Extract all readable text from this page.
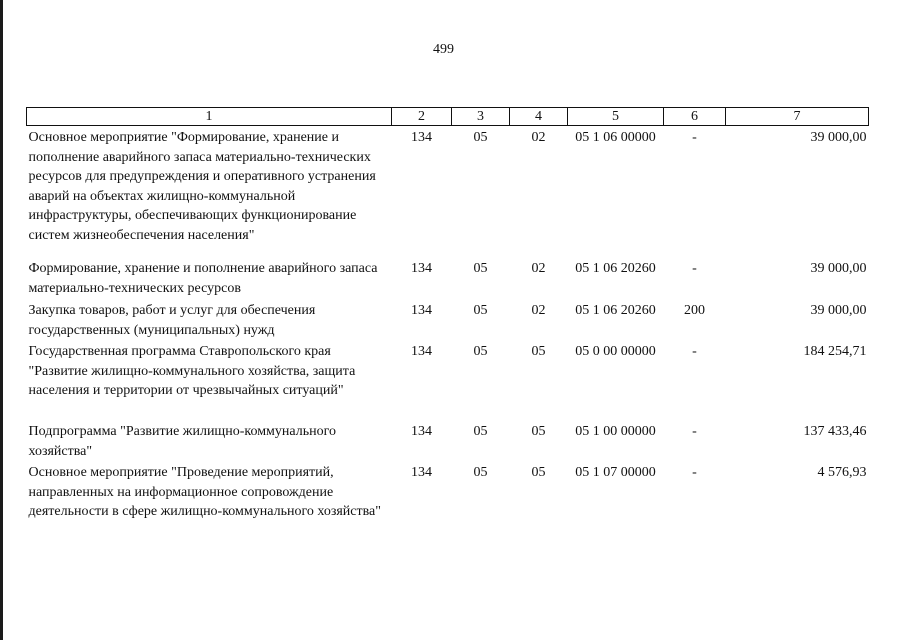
499
1	2	3	4	5	6	7
Основное мероприятие "Формирование, хранение и пополнение аварийного запаса материально-технических ресурсов для предупреждения и оперативного устранения аварий на объектах жилищно-коммунальной инфраструктуры, обеспечивающих функционирование систем жизнеобеспечения населения"	134	05	02	05 1 06 00000	-	39 000,00
Формирование, хранение и пополнение аварийного запаса материально-технических ресурсов	134	05	02	05 1 06 20260	-	39 000,00
Закупка товаров, работ и услуг для обеспечения государственных (муниципальных) нужд	134	05	02	05 1 06 20260	200	39 000,00
Государственная программа Ставропольского края "Развитие жилищно-коммунального хозяйства, защита населения и территории от чрезвычайных ситуаций"	134	05	05	05 0 00 00000	-	184 254,71
Подпрограмма "Развитие жилищно-коммунального хозяйства"	134	05	05	05 1 00 00000	-	137 433,46
Основное мероприятие "Проведение мероприятий, направленных на информационное сопровождение деятельности в сфере жилищно-коммунального хозяйства"	134	05	05	05 1 07 00000	-	4 576,93
